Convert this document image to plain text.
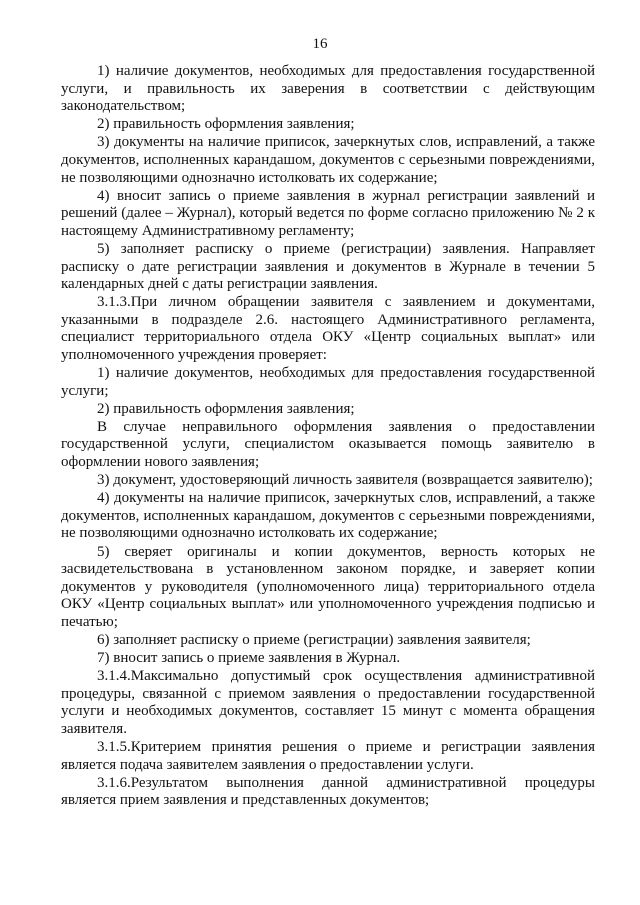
16

1) наличие документов, необходимых для предоставления государственной услуги, и правильность их заверения в соответствии с действующим законодательством;

2) правильность оформления заявления;

3) документы на наличие приписок, зачеркнутых слов, исправлений, а также документов, исполненных карандашом, документов с серьезными повреждениями, не позволяющими однозначно истолковать их содержание;

4) вносит запись о приеме заявления в журнал регистрации заявлений и решений (далее – Журнал), который ведется по форме согласно приложению № 2 к настоящему Административному регламенту;

5) заполняет расписку о приеме (регистрации) заявления. Направляет расписку о дате регистрации заявления и документов в Журнале в течении 5 календарных дней с даты регистрации заявления.

3.1.3.При личном обращении заявителя с заявлением и документами, указанными в подразделе 2.6. настоящего Административного регламента, специалист территориального отдела ОКУ «Центр социальных выплат» или уполномоченного учреждения проверяет:

1) наличие документов, необходимых для предоставления государственной услуги;

2) правильность оформления заявления;

В случае неправильного оформления заявления о предоставлении государственной услуги, специалистом оказывается помощь заявителю в оформлении нового заявления;

3) документ, удостоверяющий личность заявителя (возвращается заявителю);

4) документы на наличие приписок, зачеркнутых слов, исправлений, а также документов, исполненных карандашом, документов с серьезными повреждениями, не позволяющими однозначно истолковать их содержание;

5) сверяет оригиналы и копии документов, верность которых не засвидетельствована в установленном законом порядке, и заверяет копии документов у руководителя (уполномоченного лица) территориального отдела ОКУ «Центр социальных выплат» или уполномоченного учреждения подписью и печатью;

6) заполняет расписку о приеме (регистрации) заявления заявителя;

7) вносит запись о приеме заявления в Журнал.

3.1.4.Максимально допустимый срок осуществления административной процедуры, связанной с приемом заявления о предоставлении государственной услуги и необходимых документов, составляет 15 минут с момента обращения заявителя.

3.1.5.Критерием принятия решения о приеме и регистрации заявления является подача заявителем заявления о предоставлении услуги.

3.1.6.Результатом выполнения данной административной процедуры является прием заявления и представленных документов;
